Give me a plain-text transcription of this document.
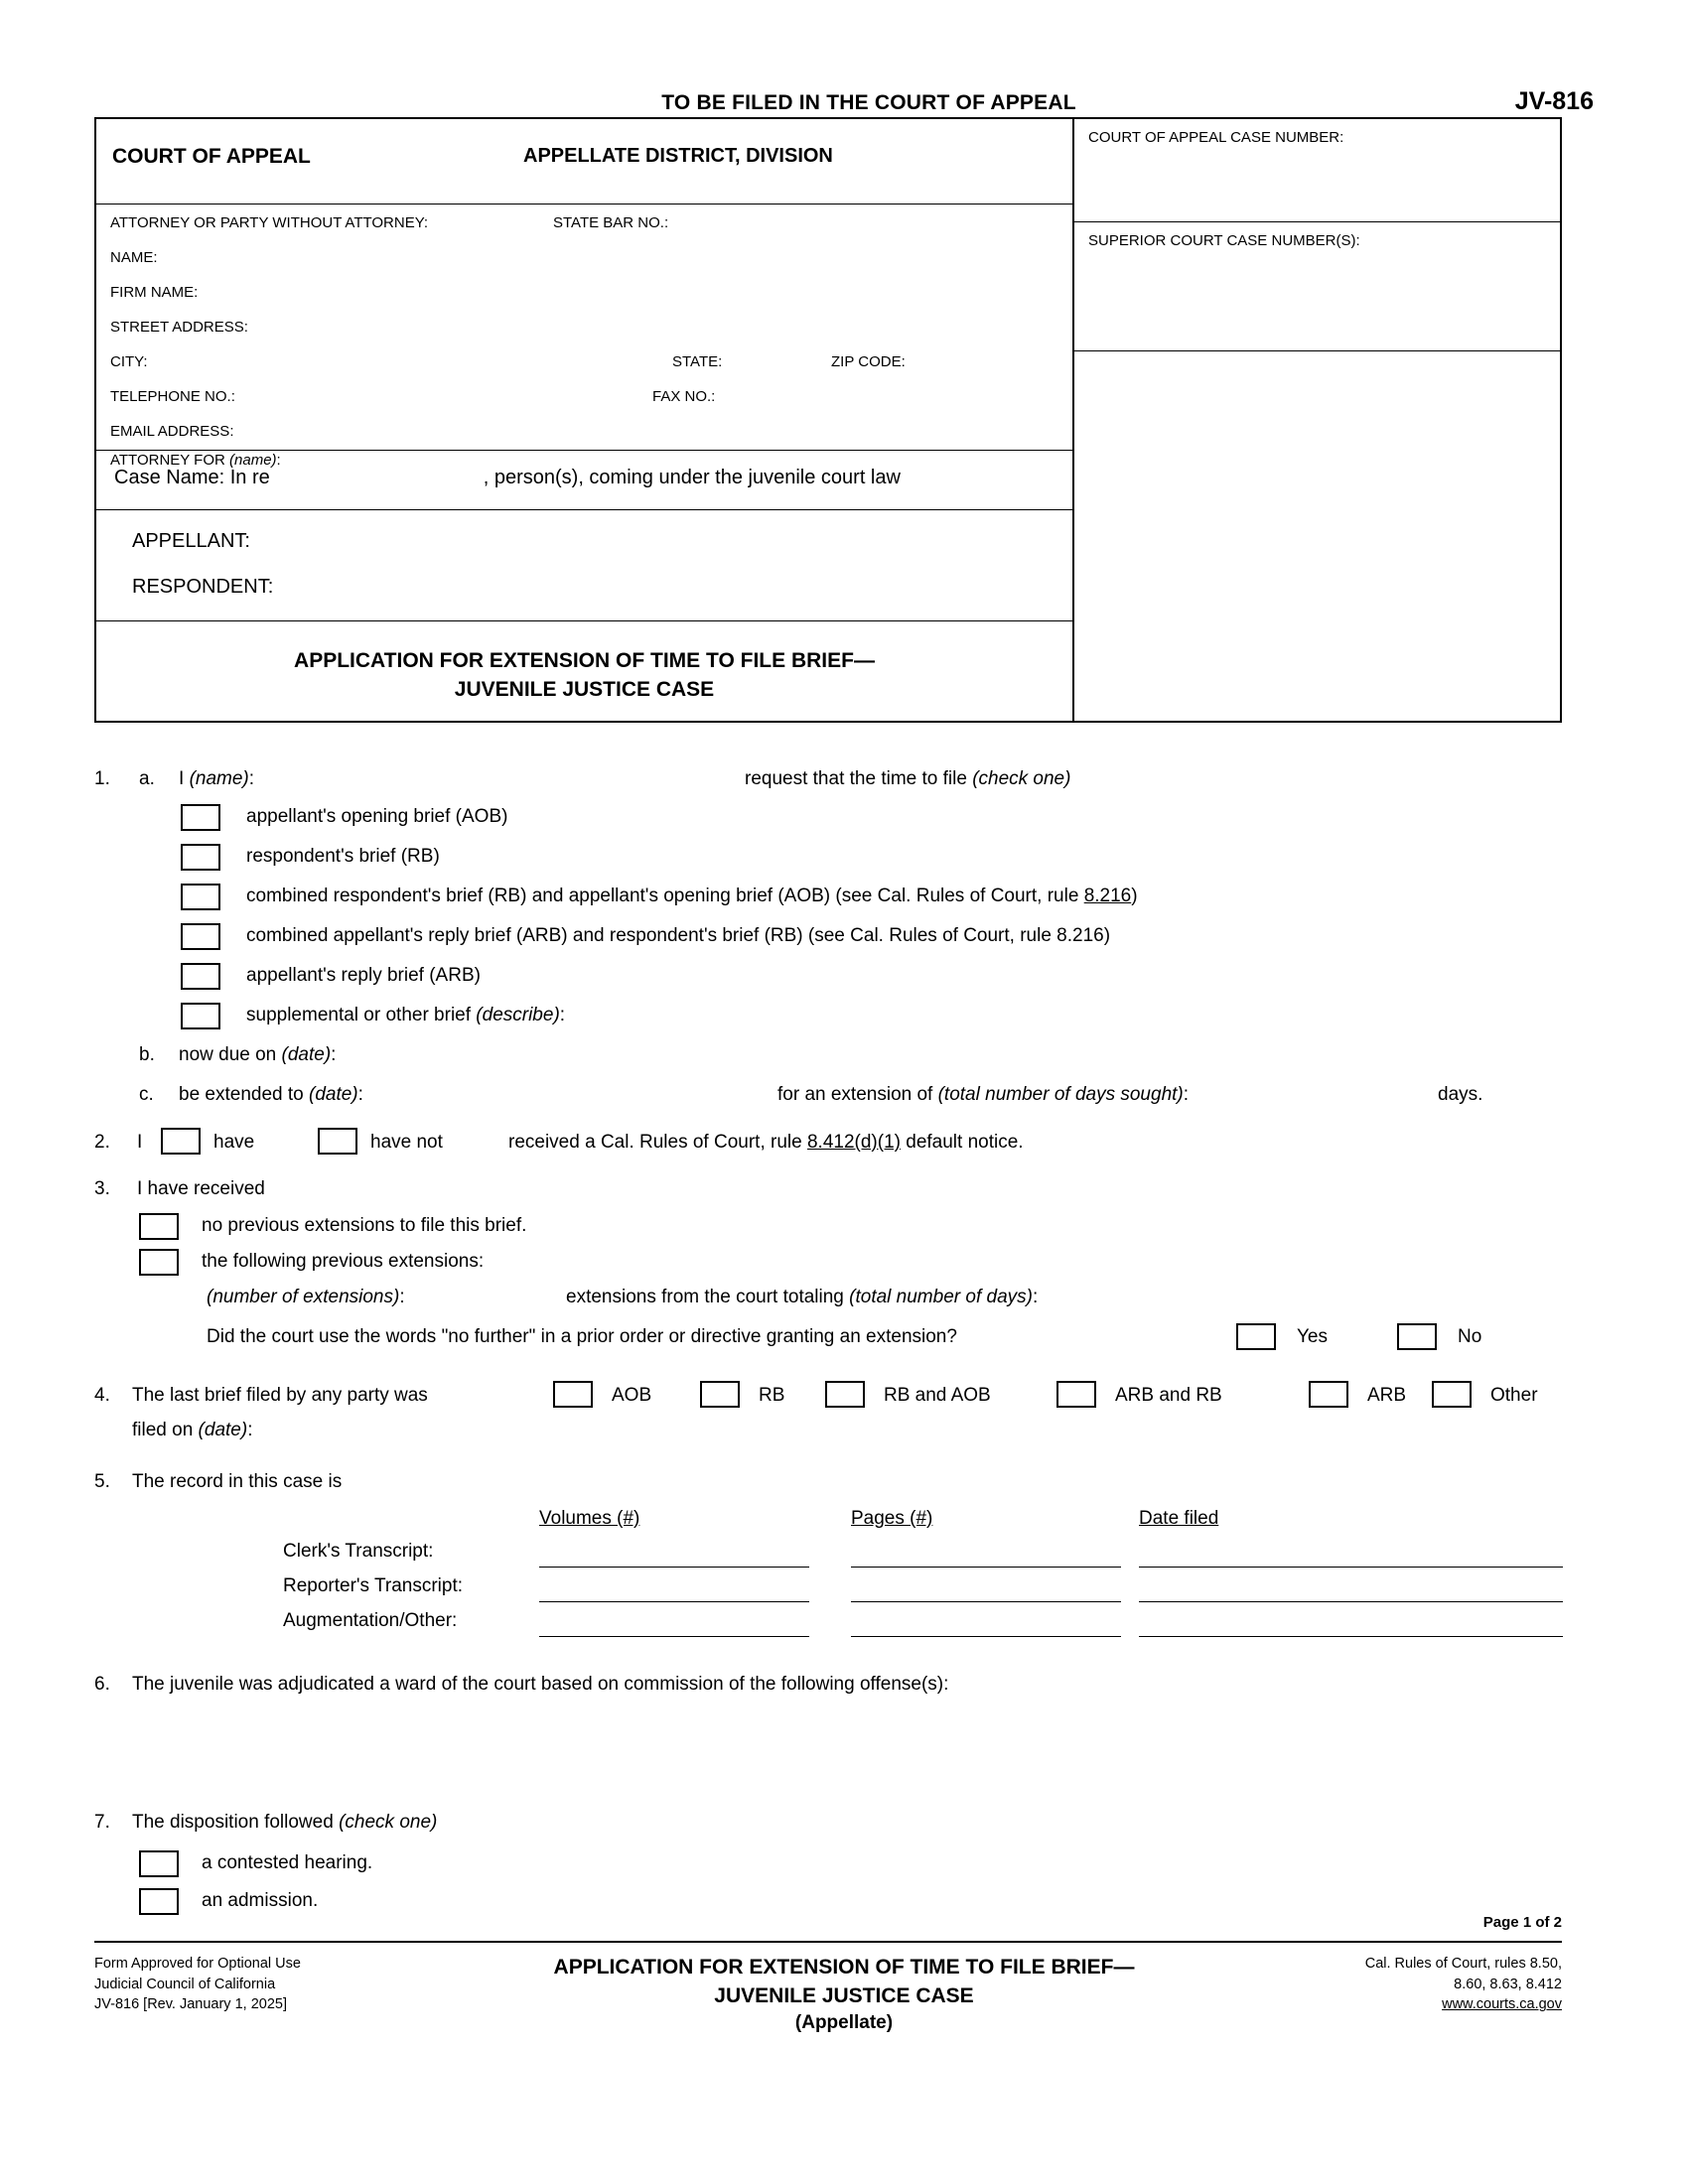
TO BE FILED IN THE COURT OF APPEAL	JV-816
COURT OF APPEAL	APPELLATE DISTRICT, DIVISION
ATTORNEY OR PARTY WITHOUT ATTORNEY:	STATE BAR NO.:
NAME:
FIRM NAME:
STREET ADDRESS:
CITY:	STATE:	ZIP CODE:
TELEPHONE NO.:	FAX NO.:
EMAIL ADDRESS:
ATTORNEY FOR (name):
Case Name: In re	, person(s), coming under the juvenile court law
APPELLANT:
RESPONDENT:
APPLICATION FOR EXTENSION OF TIME TO FILE BRIEF—
JUVENILE JUSTICE CASE
COURT OF APPEAL CASE NUMBER:
SUPERIOR COURT CASE NUMBER(S):
1. a. I (name):	request that the time to file (check one)
appellant's opening brief (AOB)
respondent's brief (RB)
combined respondent's brief (RB) and appellant's opening brief (AOB) (see Cal. Rules of Court, rule 8.216)
combined appellant's reply brief (ARB) and respondent's brief (RB) (see Cal. Rules of Court, rule 8.216)
appellant's reply brief (ARB)
supplemental or other brief (describe):
b. now due on (date):
c. be extended to (date):	for an extension of (total number of days sought):	days.
2. I	have	have not	received a Cal. Rules of Court, rule 8.412(d)(1) default notice.
3. I have received
no previous extensions to file this brief.
the following previous extensions:
(number of extensions):	extensions from the court totaling (total number of days):
Did the court use the words "no further" in a prior order or directive granting an extension?	Yes	No
4. The last brief filed by any party was	AOB	RB	RB and AOB	ARB and RB	ARB	Other
filed on (date):
5. The record in this case is
Volumes (#)	Pages (#)	Date filed
Clerk's Transcript:
Reporter's Transcript:
Augmentation/Other:
6. The juvenile was adjudicated a ward of the court based on commission of the following offense(s):
7. The disposition followed (check one)
a contested hearing.
an admission.
Page 1 of 2
Form Approved for Optional Use
Judicial Council of California
JV-816 [Rev. January 1, 2025]
APPLICATION FOR EXTENSION OF TIME TO FILE BRIEF—
JUVENILE JUSTICE CASE
(Appellate)
Cal. Rules of Court, rules 8.50,
8.60, 8.63, 8.412
www.courts.ca.gov
